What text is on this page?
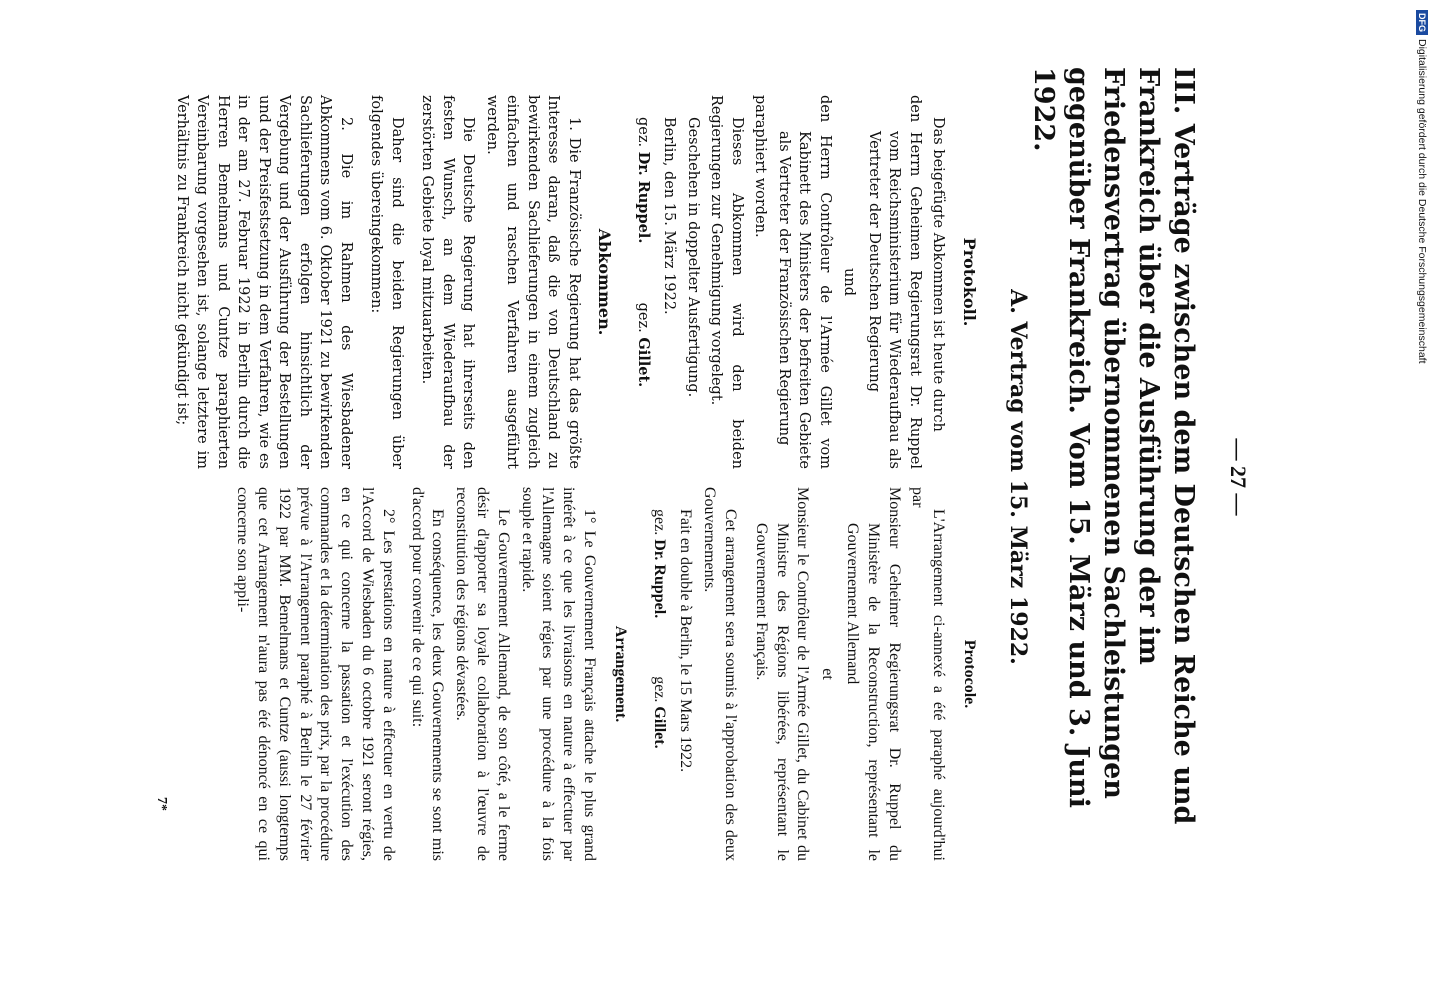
— 27 —
III. Verträge zwischen dem Deutschen Reiche und Frankreich über die Ausführung der im Friedensvertrag übernommenen Sachleistungen gegenüber Frankreich. Vom 15. März und 3. Juni 1922.
A. Vertrag vom 15. März 1922.

Protokoll.

Das beigefügte Abkommen ist heute durch

den Herrn Geheimen Regierungsrat Dr. Ruppel vom Reichsministerium für Wiederaufbau als Vertreter der Deutschen Regierung

und

den Herrn Contrôleur de l'Armée Gillet vom Kabinett des Ministers der befreiten Gebiete als Vertreter der Französischen Regierung

paraphiert worden.

Dieses Abkommen wird den beiden Regierungen zur Genehmigung vorgelegt.

Geschehen in doppelter Ausfertigung.

Berlin, den 15. März 1922.

gez. Dr. Ruppel.  gez. Gillet.

Abkommen.

1. Die Französische Regierung hat das größte Interesse daran, daß die von Deutschland zu bewirkenden Sachlieferungen in einem zugleich einfachen und raschen Verfahren ausgeführt werden.

Die Deutsche Regierung hat ihrerseits den festen Wunsch, an dem Wiederaufbau der zerstörten Gebiete loyal mitzuarbeiten.

Daher sind die beiden Regierungen über folgendes übereingekommen:

2. Die im Rahmen des Wiesbadener Abkommens vom 6. Oktober 1921 zu bewirkenden Sachlieferungen erfolgen hinsichtlich der Vergebung und der Ausführung der Bestellungen und der Preisfestsetzung in dem Verfahren, wie es in der am 27. Februar 1922 in Berlin durch die Herren Bemelmans und Cuntze paraphierten Vereinbarung vorgesehen ist, solange letztere im Verhältnis zu Frankreich nicht gekündigt ist;

Protocole.

L'Arrangement ci-annexé a été paraphé aujourd'hui par

Monsieur Geheimer Regierungsrat Dr. Ruppel du Ministère de la Reconstruction, représentant le Gouvernement Allemand

et

Monsieur le Contrôleur de l'Armée Gillet, du Cabinet du Ministre des Régions libérées, représentant le Gouvernement Français.

Cet arrangement sera soumis à l'approbation des deux Gouvernements.

Fait en double à Berlin, le 15 Mars 1922.

gez. Dr. Ruppel.  gez. Gillet.

Arrangement.

1° Le Gouvernement Français attache le plus grand intérêt à ce que les livraisons en nature à effectuer par l'Allemagne soient régies par une procédure à la fois souple et rapide.

Le Gouvernement Allemand, de son côté, a le ferme désir d'apporter sa loyale collaboration à l'œuvre de reconstitution des régions dévastées.

En conséquence, les deux Gouvernements se sont mis d'accord pour convenir de ce qui suit:

2° Les prestations en nature à effectuer en vertu de l'Accord de Wiesbaden du 6 octobre 1921 seront régies, en ce qui concerne la passation et l'exécution des commandes et la détermination des prix, par la procédure prévue à l'Arrangement paraphé à Berlin le 27 février 1922 par MM. Bemelmans et Cuntze (aussi longtemps que cet Arrangement n'aura pas été dénoncé en ce qui concerne son appli-

7*
DFG
Digitalisierung gefördert durch die Deutsche Forschungsgemeinschaft
